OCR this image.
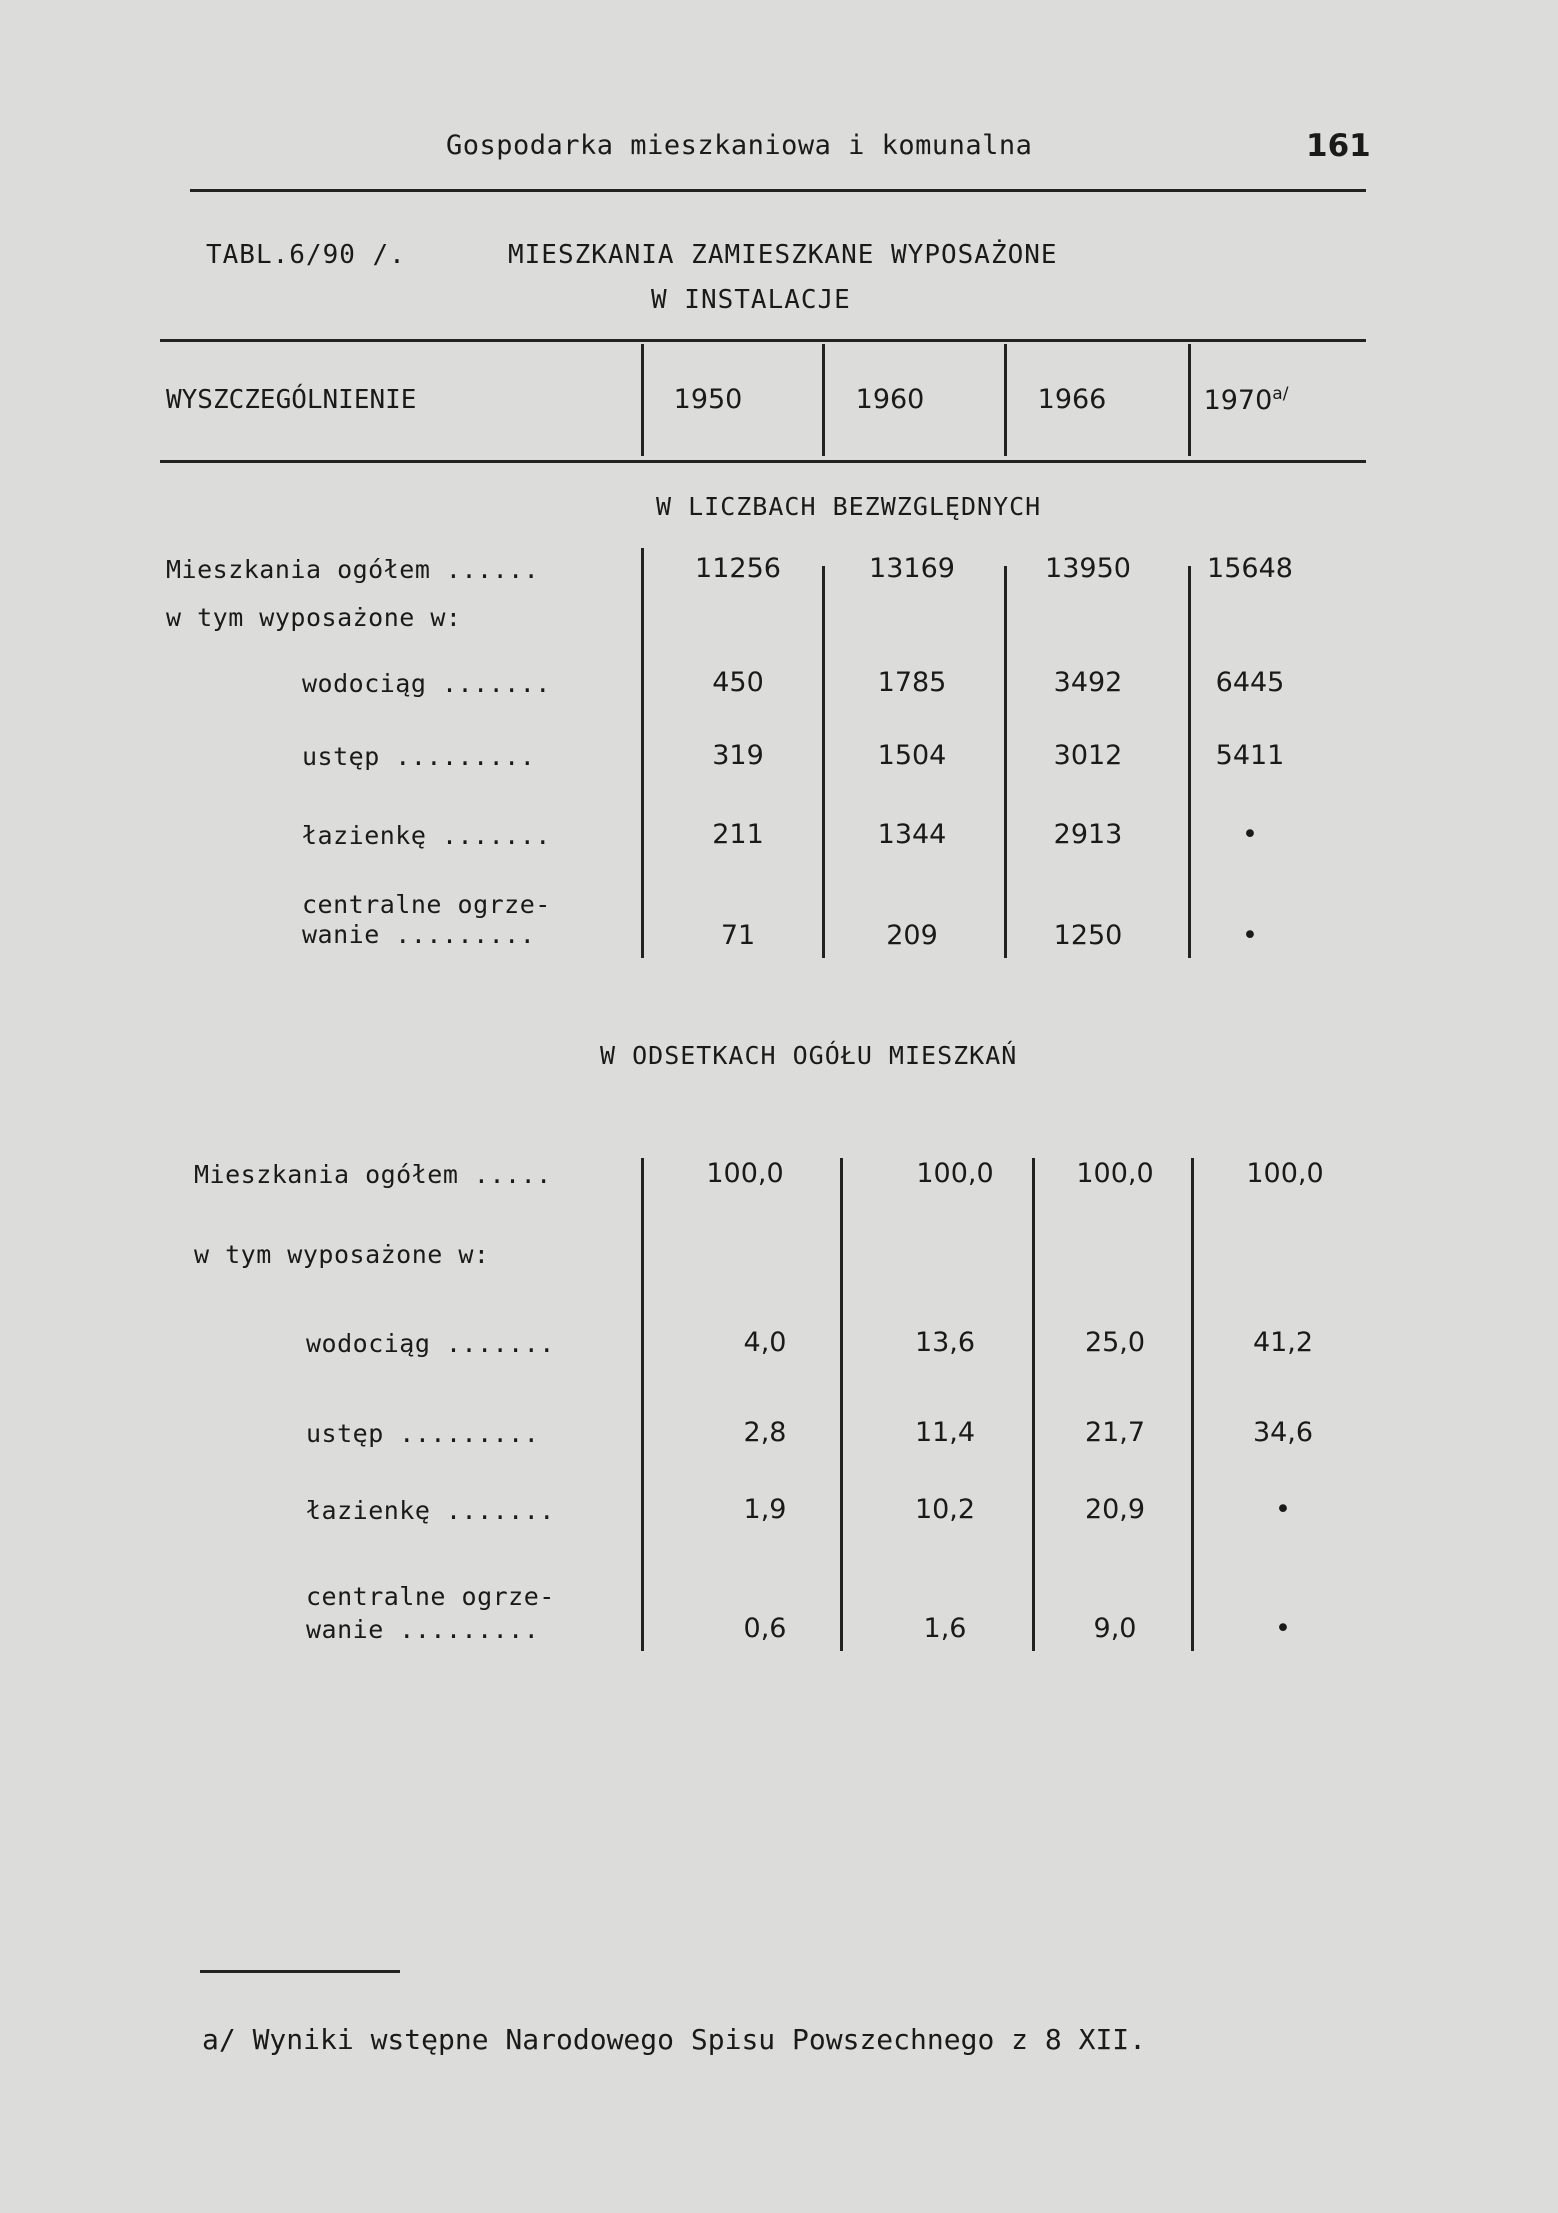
Gospodarka mieszkaniowa i komunalna	161
TABL.6/90 /.	MIESZKANIA ZAMIESZKANE WYPOSAŻONE
W INSTALACJE
WYSZCZEGÓLNIENIE	1950	1960	1966	$1970^{a/}$
W LICZBACH BEZWZGLĘDNYCH
Mieszkania ogółem ......	11256	13169	13950	15648
w tym wyposażone w:
wodociąg .......	450	1785	3492	6445
ustęp .........	319	1504	3012	5411
łazienkę .......	211	1344	2913	•
centralne ogrze-
wanie .........	71	209	1250	•
W ODSETKACH OGÓŁU MIESZKAŃ
Mieszkania ogółem .....	100,0	100,0	100,0	100,0
w tym wyposażone w:
wodociąg .......	4,0	13,6	25,0	41,2
ustęp .........	2,8	11,4	21,7	34,6
łazienkę .......	1,9	10,2	20,9	•
centralne ogrze-
wanie .........	0,6	1,6	9,0	•
a/ Wyniki wstępne Narodowego Spisu Powszechnego z 8 XII.
